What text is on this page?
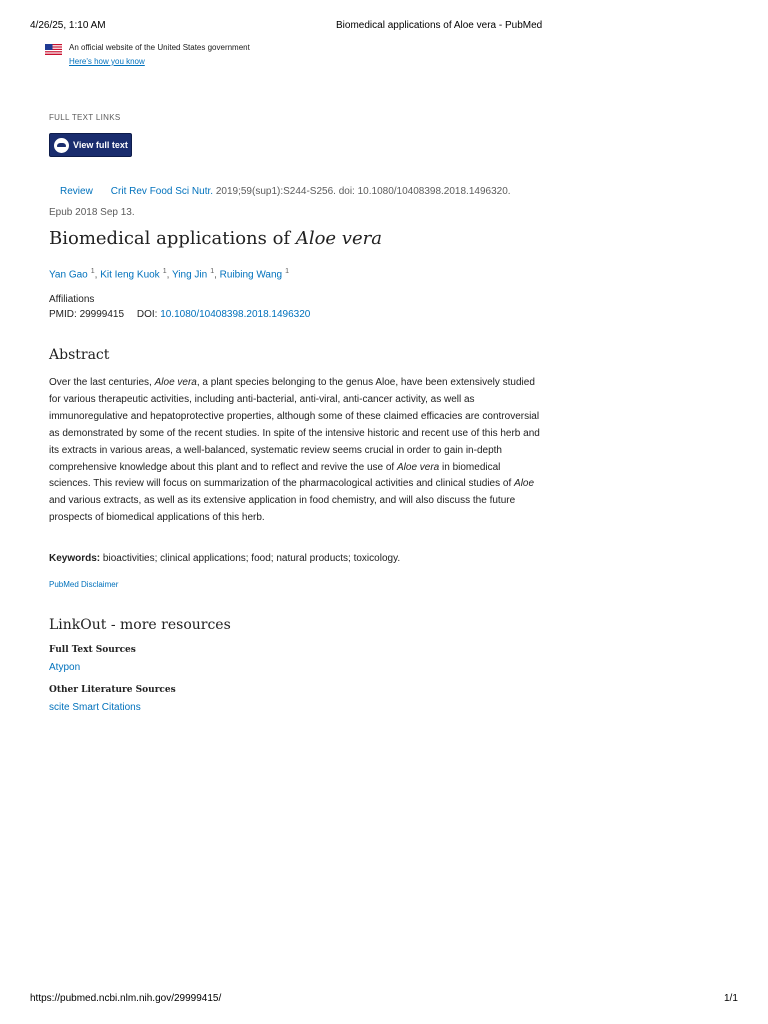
4/26/25, 1:10 AM	Biomedical applications of Aloe vera - PubMed
An official website of the United States government
Here's how you know
FULL TEXT LINKS
View full text
Review Crit Rev Food Sci Nutr. 2019;59(sup1):S244-S256. doi: 10.1080/10408398.2018.1496320.
Epub 2018 Sep 13.
Biomedical applications of Aloe vera
Yan Gao $^1$, Kit Ieng Kuok $^1$, Ying Jin $^1$, Ruibing Wang $^1$
Affiliations
PMID: 29999415 DOI: 10.1080/10408398.2018.1496320
Abstract

Over the last centuries, Aloe vera, a plant species belonging to the genus Aloe, have been extensively studied for various therapeutic activities, including anti-bacterial, anti-viral, anti-cancer activity, as well as immunoregulative and hepatoprotective properties, although some of these claimed efficacies are controversial as demonstrated by some of the recent studies. In spite of the intensive historic and recent use of this herb and its extracts in various areas, a well-balanced, systematic review seems crucial in order to gain in-depth comprehensive knowledge about this plant and to reflect and revive the use of Aloe vera in biomedical sciences. This review will focus on summarization of the pharmacological activities and clinical studies of Aloe and various extracts, as well as its extensive application in food chemistry, and will also discuss the future prospects of biomedical applications of this herb.

Keywords: bioactivities; clinical applications; food; natural products; toxicology.
PubMed Disclaimer
LinkOut - more resources
Full Text Sources
Atypon
Other Literature Sources
scite Smart Citations
https://pubmed.ncbi.nlm.nih.gov/29999415/	1/1
